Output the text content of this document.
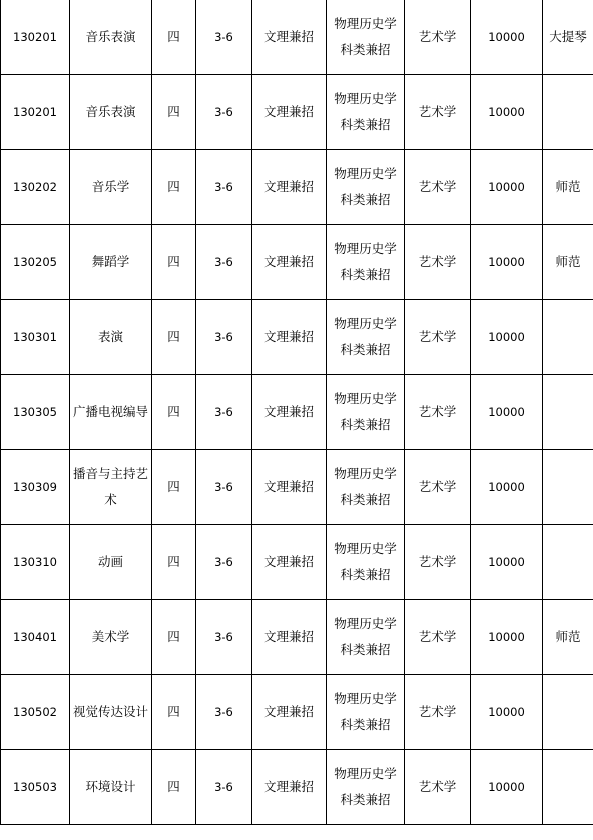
130201	音乐表演	四	3-6	文理兼招	物理历史学科类兼招	艺术学	10000	大提琴
130201	音乐表演	四	3-6	文理兼招	物理历史学科类兼招	艺术学	10000	
130202	音乐学	四	3-6	文理兼招	物理历史学科类兼招	艺术学	10000	师范
130205	舞蹈学	四	3-6	文理兼招	物理历史学科类兼招	艺术学	10000	师范
130301	表演	四	3-6	文理兼招	物理历史学科类兼招	艺术学	10000	
130305	广播电视编导	四	3-6	文理兼招	物理历史学科类兼招	艺术学	10000	
130309	播音与主持艺术	四	3-6	文理兼招	物理历史学科类兼招	艺术学	10000	
130310	动画	四	3-6	文理兼招	物理历史学科类兼招	艺术学	10000	
130401	美术学	四	3-6	文理兼招	物理历史学科类兼招	艺术学	10000	师范
130502	视觉传达设计	四	3-6	文理兼招	物理历史学科类兼招	艺术学	10000	
130503	环境设计	四	3-6	文理兼招	物理历史学科类兼招	艺术学	10000	
